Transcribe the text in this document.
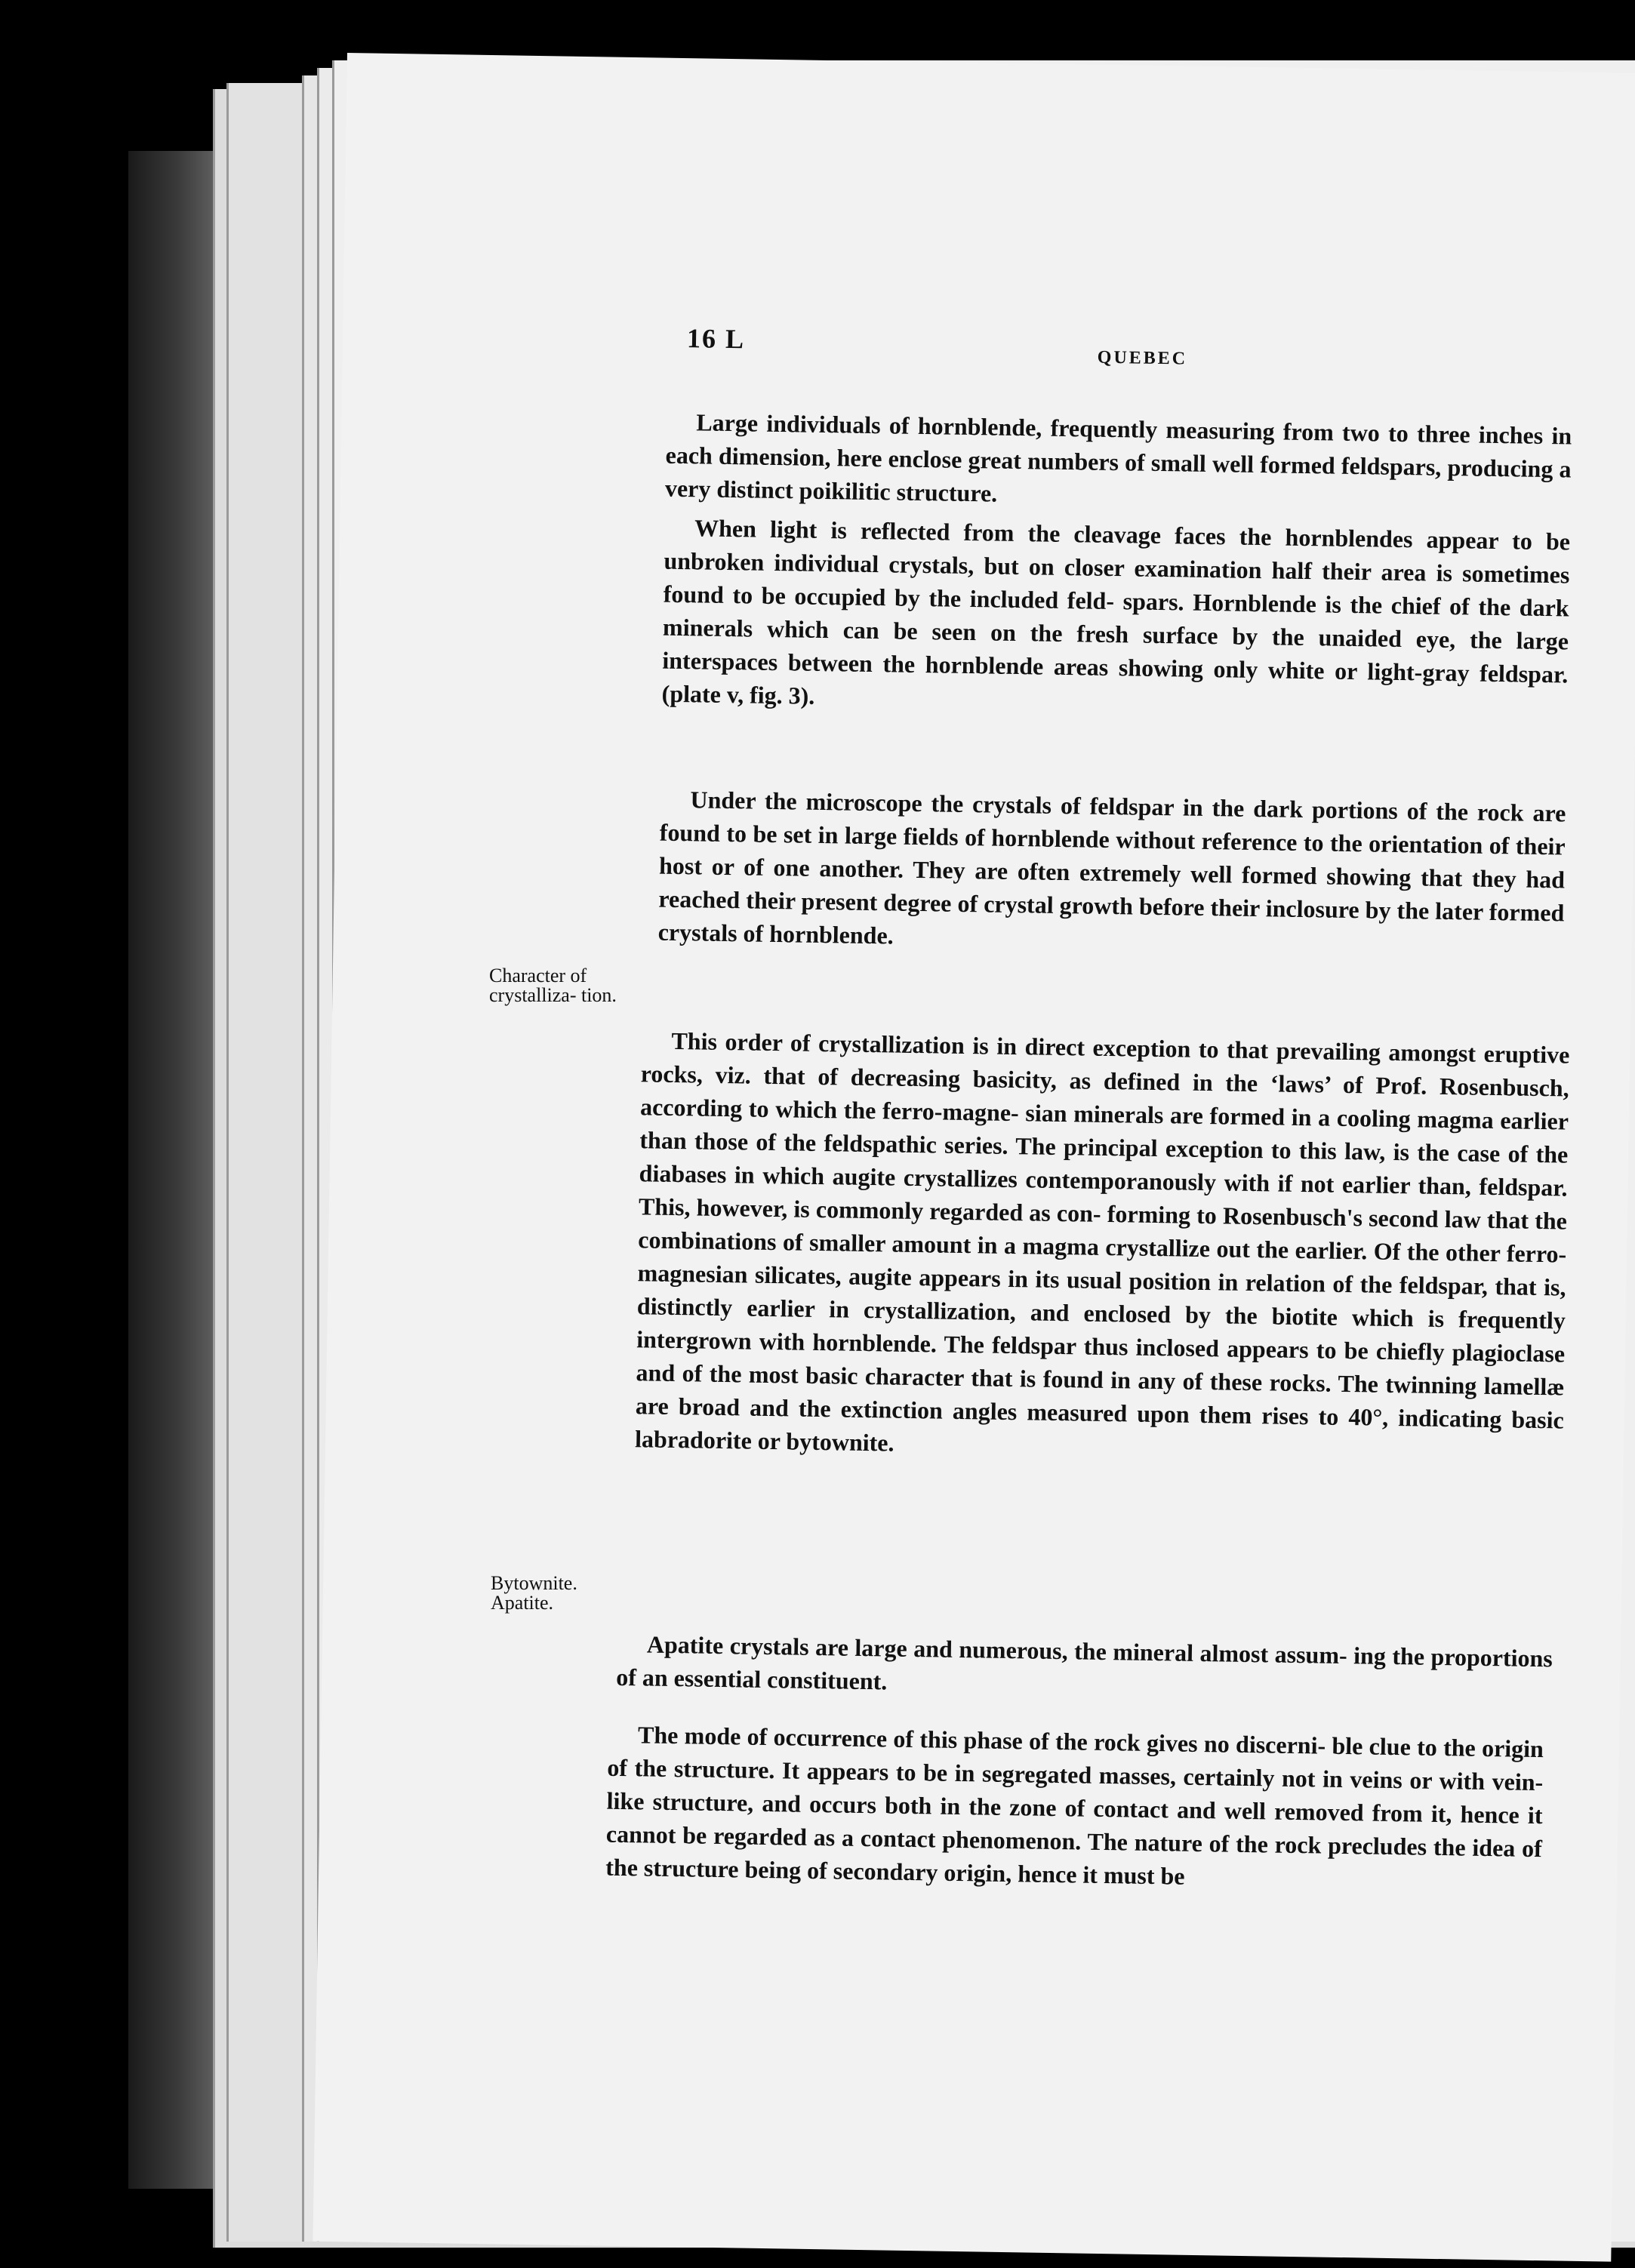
16 L
QUEBEC
Large individuals of hornblende, frequently measuring from two to three inches in each dimension, here enclose great numbers of small well formed feldspars, producing a very distinct poikilitic structure.
When light is reflected from the cleavage faces the hornblendes appear to be unbroken individual crystals, but on closer examination half their area is sometimes found to be occupied by the included feld- spars. Hornblende is the chief of the dark minerals which can be seen on the fresh surface by the unaided eye, the large interspaces between the hornblende areas showing only white or light-gray feldspar. (plate v, fig. 3).
Under the microscope the crystals of feldspar in the dark portions of the rock are found to be set in large fields of hornblende without reference to the orientation of their host or of one another. They are often extremely well formed showing that they had reached their present degree of crystal growth before their inclosure by the later formed crystals of hornblende.
This order of crystallization is in direct exception to that prevailing amongst eruptive rocks, viz. that of decreasing basicity, as defined in the ‘laws’ of Prof. Rosenbusch, according to which the ferro-magne- sian minerals are formed in a cooling magma earlier than those of the feldspathic series. The principal exception to this law, is the case of the diabases in which augite crystallizes contemporanously with if not earlier than, feldspar. This, however, is commonly regarded as con- forming to Rosenbusch's second law that the combinations of smaller amount in a magma crystallize out the earlier. Of the other ferro- magnesian silicates, augite appears in its usual position in relation of the feldspar, that is, distinctly earlier in crystallization, and enclosed by the biotite which is frequently intergrown with hornblende. The feldspar thus inclosed appears to be chiefly plagioclase and of the most basic character that is found in any of these rocks. The twinning lamellæ are broad and the extinction angles measured upon them rises to 40°, indicating basic labradorite or bytownite.
Apatite crystals are large and numerous, the mineral almost assum- ing the proportions of an essential constituent.
The mode of occurrence of this phase of the rock gives no discerni- ble clue to the origin of the structure. It appears to be in segregated masses, certainly not in veins or with vein-like structure, and occurs both in the zone of contact and well removed from it, hence it cannot be regarded as a contact phenomenon. The nature of the rock precludes the idea of the structure being of secondary origin, hence it must be
Character of crystalliza- tion.
Bytownite. Apatite.
